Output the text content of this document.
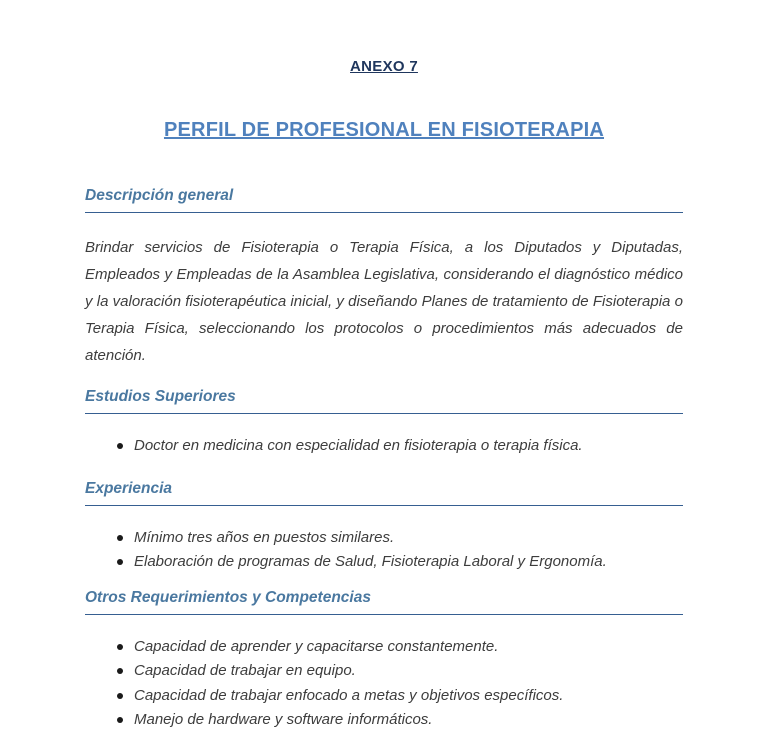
ANEXO 7
PERFIL DE PROFESIONAL EN FISIOTERAPIA
Descripción general

Brindar servicios de Fisioterapia o Terapia Física, a los Diputados y Diputadas, Empleados y Empleadas de la Asamblea Legislativa, considerando el diagnóstico médico y la valoración fisioterapéutica inicial, y diseñando Planes de tratamiento de Fisioterapia o Terapia Física, seleccionando los protocolos o procedimientos más adecuados de atención.

Estudios Superiores
Doctor en medicina con especialidad en fisioterapia o terapia física.
Experiencia
Mínimo tres años en puestos similares.
Elaboración de programas de Salud, Fisioterapia Laboral y Ergonomía.
Otros Requerimientos y Competencias
Capacidad de aprender y capacitarse constantemente.
Capacidad de trabajar en equipo.
Capacidad de trabajar enfocado a metas y objetivos específicos.
Manejo de hardware y software informáticos.
